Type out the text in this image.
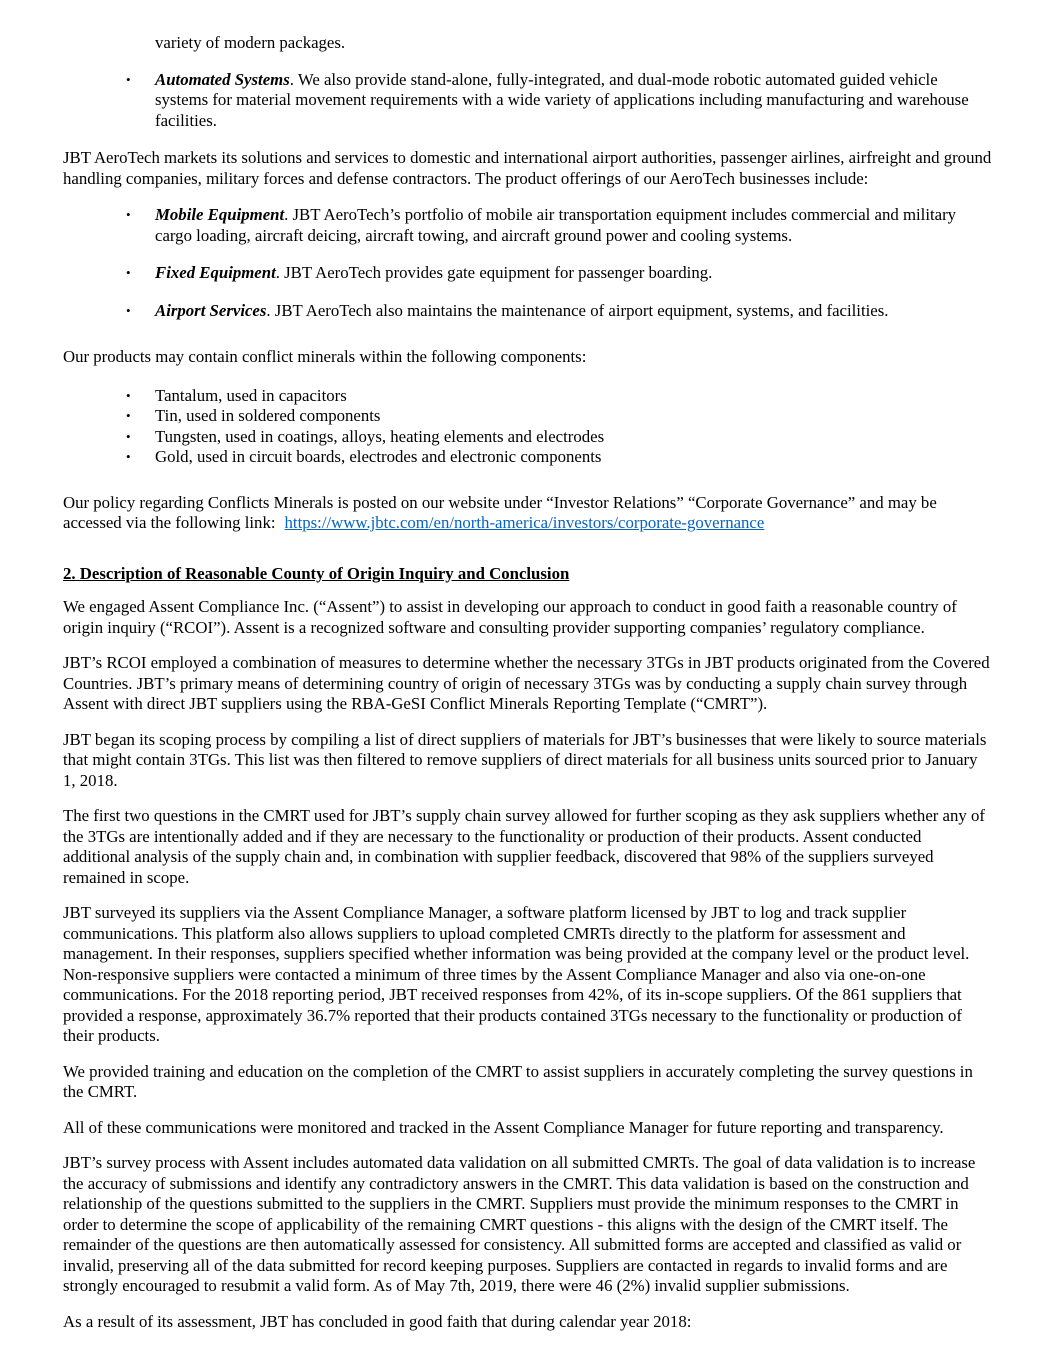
variety of modern packages.

• Automated Systems. We also provide stand-alone, fully-integrated, and dual-mode robotic automated guided vehicle systems for material movement requirements with a wide variety of applications including manufacturing and warehouse facilities.

JBT AeroTech markets its solutions and services to domestic and international airport authorities, passenger airlines, airfreight and ground handling companies, military forces and defense contractors. The product offerings of our AeroTech businesses include:

• Mobile Equipment. JBT AeroTech’s portfolio of mobile air transportation equipment includes commercial and military cargo loading, aircraft deicing, aircraft towing, and aircraft ground power and cooling systems.
• Fixed Equipment. JBT AeroTech provides gate equipment for passenger boarding.
• Airport Services. JBT AeroTech also maintains the maintenance of airport equipment, systems, and facilities.

Our products may contain conflict minerals within the following components:

• Tantalum, used in capacitors
• Tin, used in soldered components
• Tungsten, used in coatings, alloys, heating elements and electrodes
• Gold, used in circuit boards, electrodes and electronic components

Our policy regarding Conflicts Minerals is posted on our website under “Investor Relations” “Corporate Governance” and may be accessed via the following link: https://www.jbtc.com/en/north-america/investors/corporate-governance

2. Description of Reasonable County of Origin Inquiry and Conclusion

We engaged Assent Compliance Inc. (“Assent”) to assist in developing our approach to conduct in good faith a reasonable country of origin inquiry (“RCOI”). Assent is a recognized software and consulting provider supporting companies’ regulatory compliance.

JBT’s RCOI employed a combination of measures to determine whether the necessary 3TGs in JBT products originated from the Covered Countries. JBT’s primary means of determining country of origin of necessary 3TGs was by conducting a supply chain survey through Assent with direct JBT suppliers using the RBA-GeSI Conflict Minerals Reporting Template (“CMRT”).

JBT began its scoping process by compiling a list of direct suppliers of materials for JBT’s businesses that were likely to source materials that might contain 3TGs. This list was then filtered to remove suppliers of direct materials for all business units sourced prior to January 1, 2018.

The first two questions in the CMRT used for JBT’s supply chain survey allowed for further scoping as they ask suppliers whether any of the 3TGs are intentionally added and if they are necessary to the functionality or production of their products. Assent conducted additional analysis of the supply chain and, in combination with supplier feedback, discovered that 98% of the suppliers surveyed remained in scope.

JBT surveyed its suppliers via the Assent Compliance Manager, a software platform licensed by JBT to log and track supplier communications. This platform also allows suppliers to upload completed CMRTs directly to the platform for assessment and management. In their responses, suppliers specified whether information was being provided at the company level or the product level. Non-responsive suppliers were contacted a minimum of three times by the Assent Compliance Manager and also via one-on-one communications. For the 2018 reporting period, JBT received responses from 42%, of its in-scope suppliers. Of the 861 suppliers that provided a response, approximately 36.7% reported that their products contained 3TGs necessary to the functionality or production of their products.

We provided training and education on the completion of the CMRT to assist suppliers in accurately completing the survey questions in the CMRT.

All of these communications were monitored and tracked in the Assent Compliance Manager for future reporting and transparency.

JBT’s survey process with Assent includes automated data validation on all submitted CMRTs. The goal of data validation is to increase the accuracy of submissions and identify any contradictory answers in the CMRT. This data validation is based on the construction and relationship of the questions submitted to the suppliers in the CMRT. Suppliers must provide the minimum responses to the CMRT in order to determine the scope of applicability of the remaining CMRT questions - this aligns with the design of the CMRT itself. The remainder of the questions are then automatically assessed for consistency. All submitted forms are accepted and classified as valid or invalid, preserving all of the data submitted for record keeping purposes. Suppliers are contacted in regards to invalid forms and are strongly encouraged to resubmit a valid form. As of May 7th, 2019, there were 46 (2%) invalid supplier submissions.

As a result of its assessment, JBT has concluded in good faith that during calendar year 2018:
